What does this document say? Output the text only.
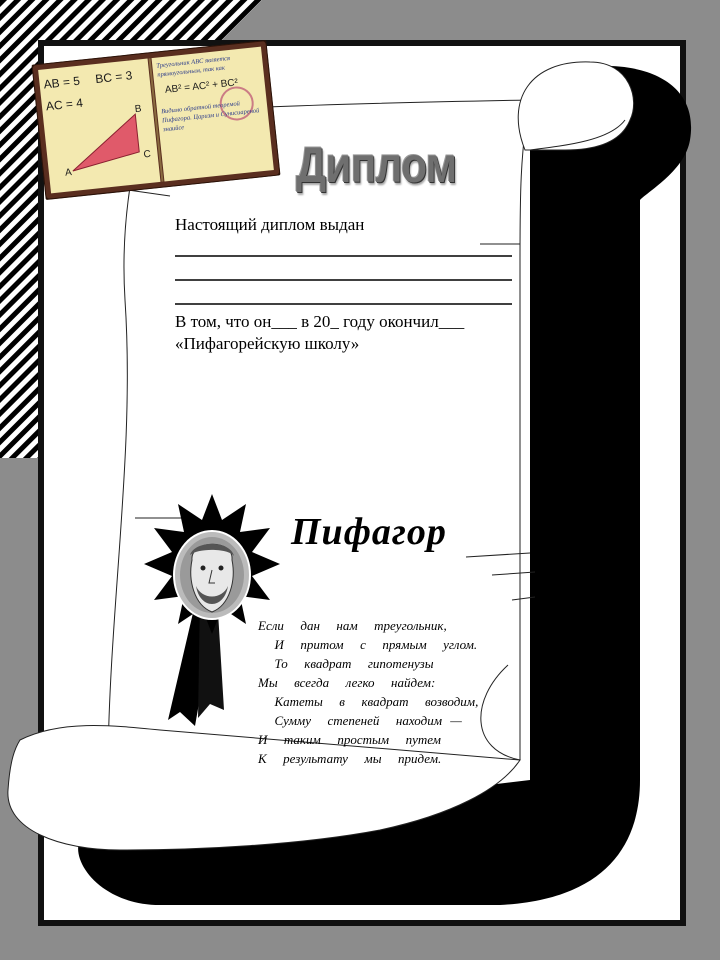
AB = 5 BC = 3
AC = 4
A
B
C
Треугольник ABC является прямоугольным, так как
AB² = AC² + BC²
Видимо обратной теоремой Пифагора. Царизм и Сунисиареной знаийсе
Диплом
Настоящий диплом выдан
В том, что он___ в 20_ году окончил___
«Пифагорейскую школу»
Пифагор
Если  дан  нам  треугольник,
И  притом  с  прямым  углом.
То  квадрат  гипотенузы
Мы  всегда  легко  найдем:
Катеты  в  квадрат  возводим,
Сумму  степеней  находим —
И  таким  простым  путем
К  результату  мы  придем.
